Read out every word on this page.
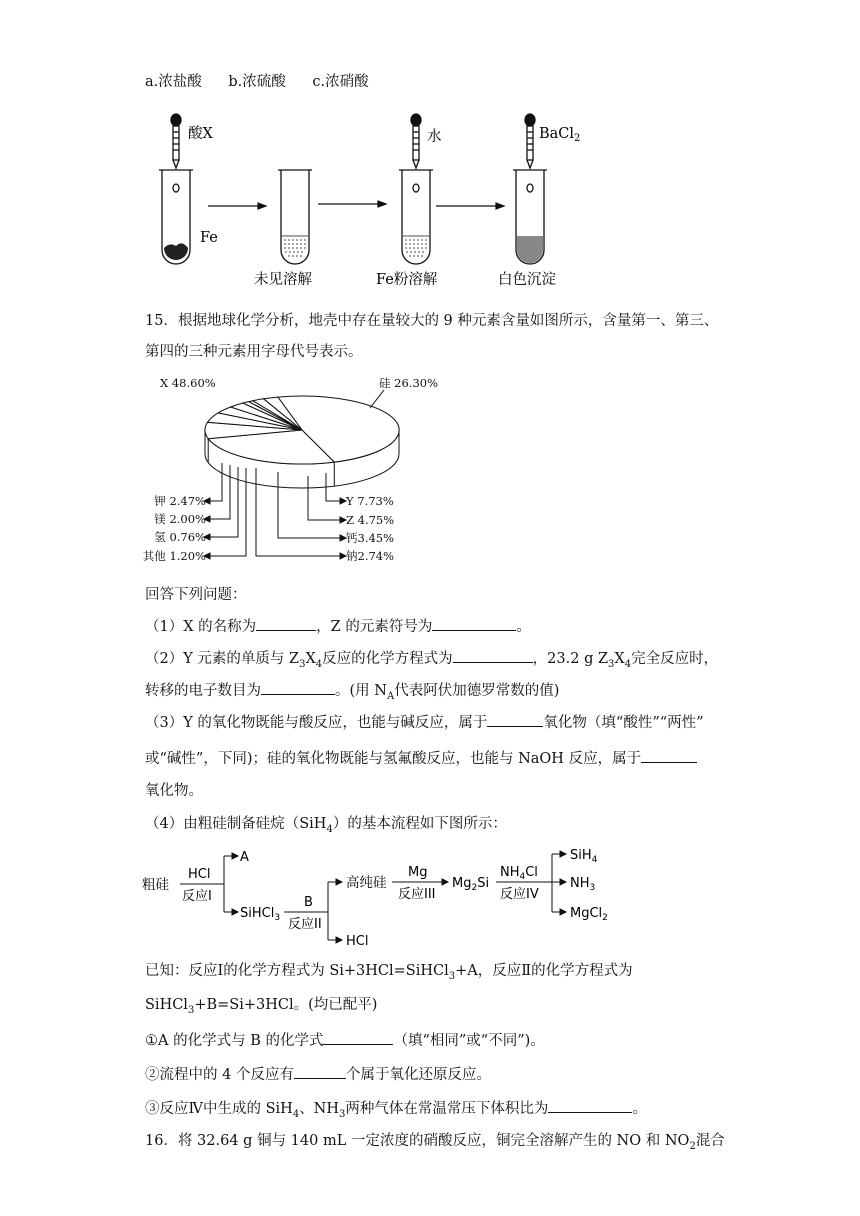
a.浓盐酸 b.浓硫酸 c.浓硝酸
酸X
Fe
水	BaCl$_2$
未见溶解	Fe粉溶解	白色沉淀
15．根据地球化学分析，地壳中存在量较大的 9 种元素含量如图所示，含量第一、第三、
第四的三种元素用字母代号表示。
X 48.60%	硅 26.30%
Y 7.73%
Z 4.75%
钙3.45%
钠2.74%
钾 2.47%
镁 2.00%
氢 0.76%
其他 1.20%
回答下列问题：
（1）X 的名称为	，Z 的元素符号为	。
（2）Y 元素的单质与 $Z_3X_4$反应的化学方程式为	，23.2 g $Z_3X_4$完全反应时，
转移的电子数目为	。(用 $N_A$代表阿伏加德罗常数的值)
（3）Y 的氧化物既能与酸反应，也能与碱反应，属于	氧化物（填“酸性”“两性”
或“碱性”，下同)；硅的氧化物既能与氢氟酸反应，也能与 NaOH 反应，属于
氧化物。
（4）由粗硅制备硅烷（SiH$_4$）的基本流程如下图所示：
粗硅
HCl
反应I
A
SiHCl$_3$
B
反应II
HCl
高纯硅
Mg
反应III
$Mg_2Si$
$NH_4Cl$
反应IV
SiH$_4$
$NH_3$
MgCl$_2$
已知：反应Ⅰ的化学方程式为 Si+3HCl=SiHCl$_3$+A，反应Ⅱ的化学方程式为
SiHCl$_3$+B=Si+3HCl。(均已配平)
①A 的化学式与 B 的化学式	（填“相同”或“不同”)。
②流程中的 4 个反应有	个属于氧化还原反应。
③反应Ⅳ中生成的 SiH$_4$、$NH_3$两种气体在常温常压下体积比为	。
16．将 32.64 g 铜与 140 mL 一定浓度的硝酸反应，铜完全溶解产生的 NO 和 $NO_2$混合
